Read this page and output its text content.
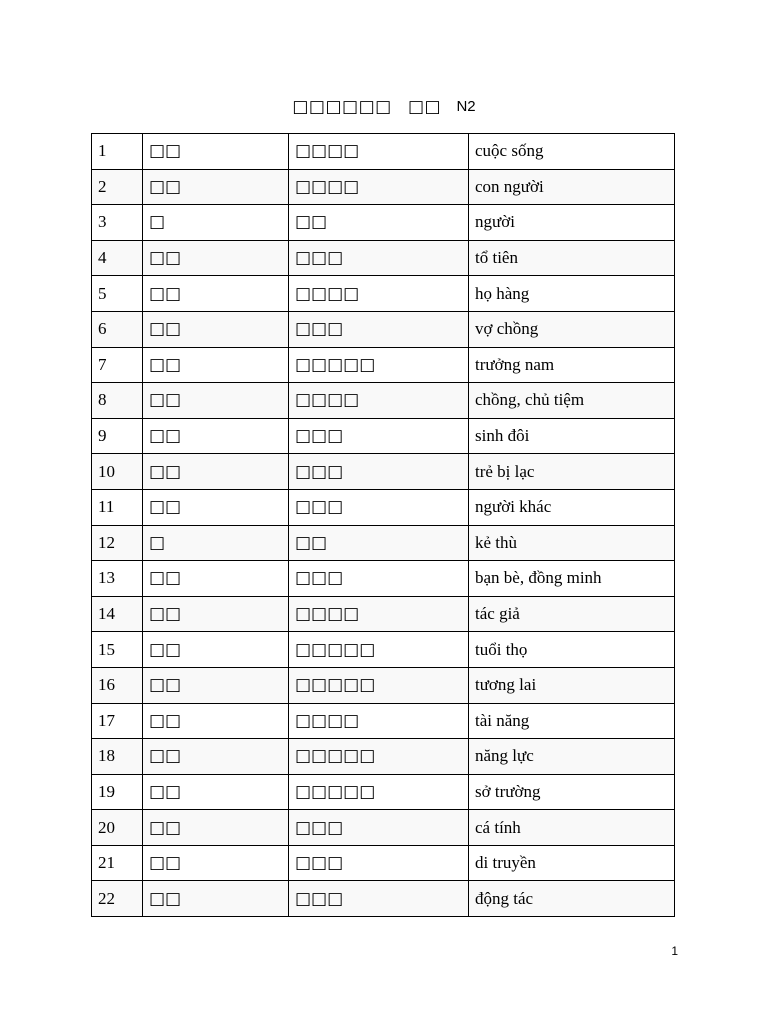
□□□□□□ □□ N2
1	□□	□□□□	cuộc sống
2	□□	□□□□	con người
3	□	□□	người
4	□□	□□□	tổ tiên
5	□□	□□□□	họ hàng
6	□□	□□□	vợ chồng
7	□□	□□□□□	trưởng nam
8	□□	□□□□	chồng, chủ tiệm
9	□□	□□□	sinh đôi
10	□□	□□□	trẻ bị lạc
11	□□	□□□	người khác
12	□	□□	kẻ thù
13	□□	□□□	bạn bè, đồng minh
14	□□	□□□□	tác giả
15	□□	□□□□□	tuổi thọ
16	□□	□□□□□	tương lai
17	□□	□□□□	tài năng
18	□□	□□□□□	năng lực
19	□□	□□□□□	sở trường
20	□□	□□□	cá tính
21	□□	□□□	di truyền
22	□□	□□□	động tác
1
